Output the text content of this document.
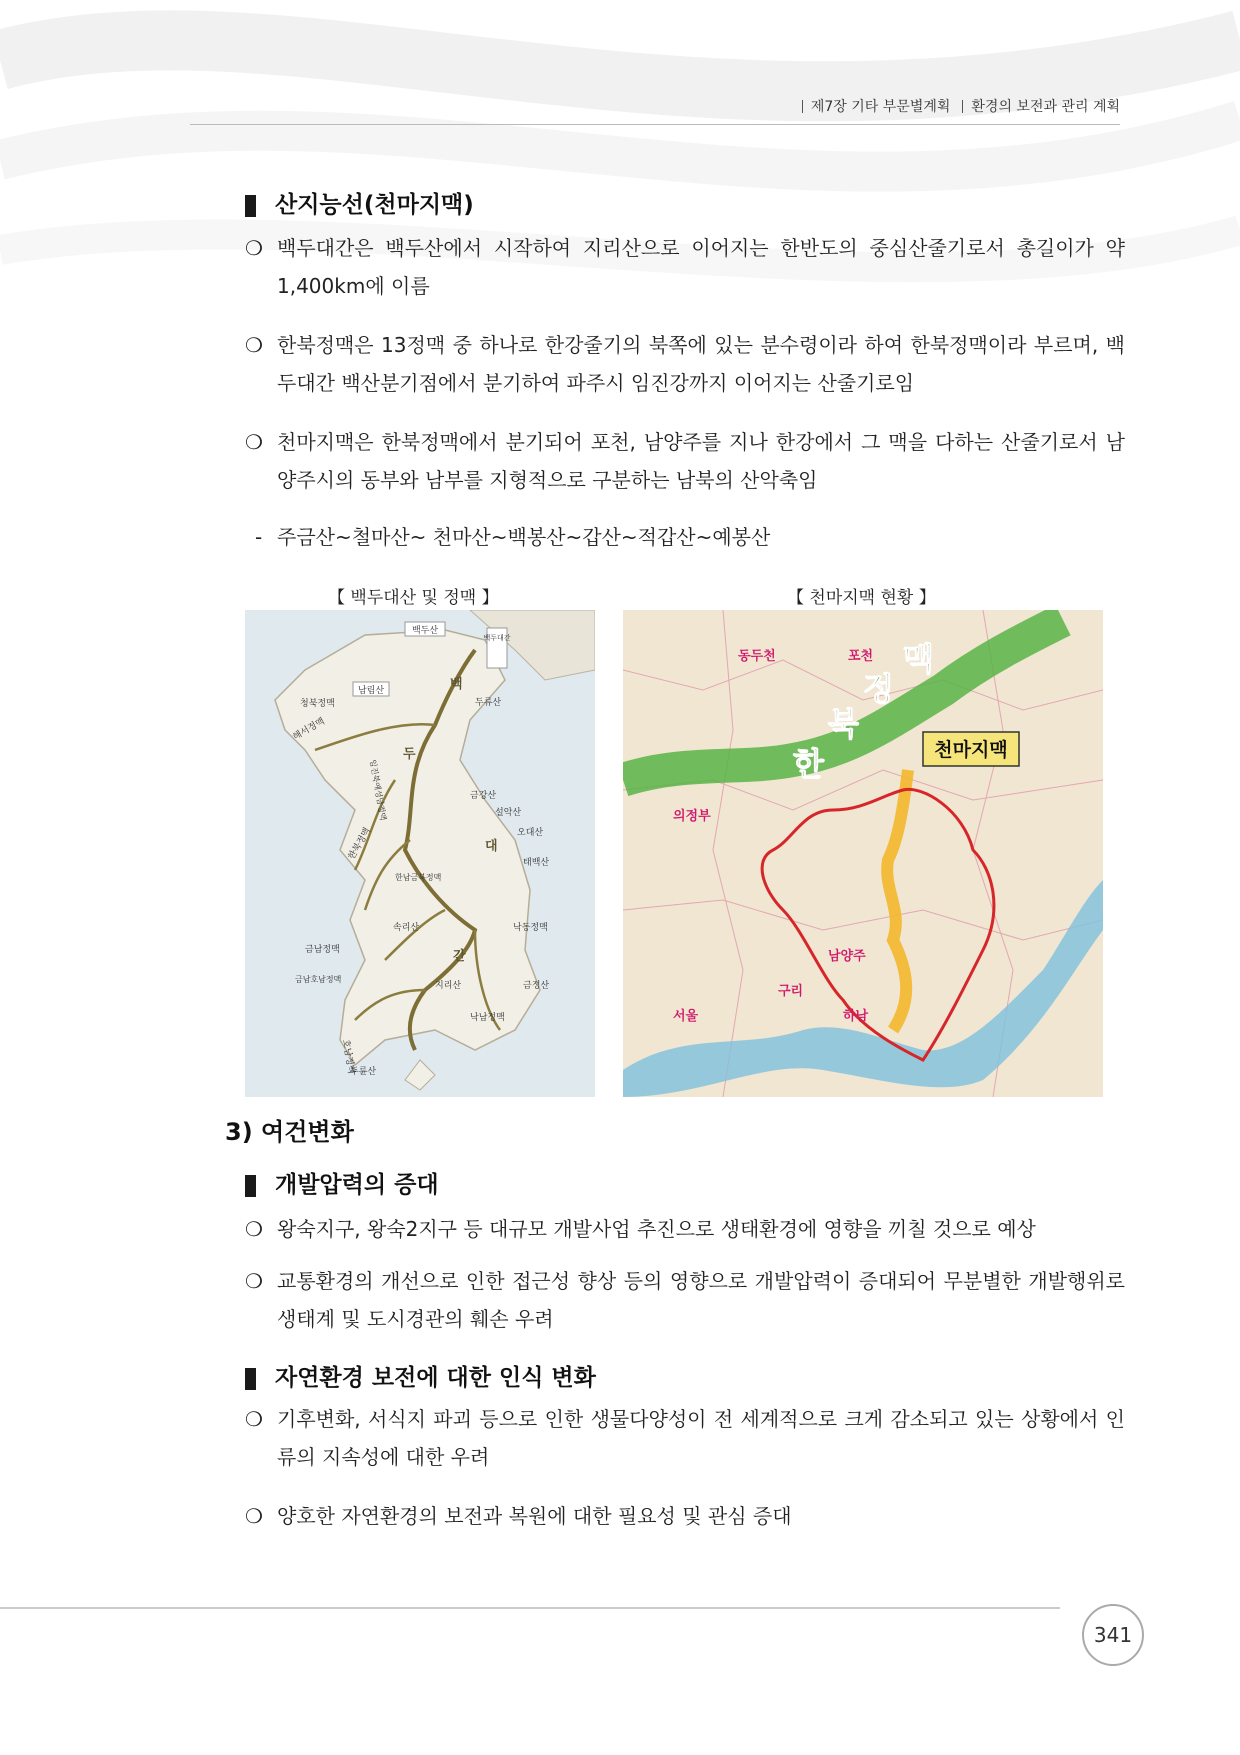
제7장 기타 부문별계획 환경의 보전과 관리 계획
산지능선(천마지맥)
❍ 백두대간은 백두산에서 시작하여 지리산으로 이어지는 한반도의 중심산줄기로서 총길이가 약 1,400km에 이름
❍ 한북정맥은 13정맥 중 하나로 한강줄기의 북쪽에 있는 분수령이라 하여 한북정맥이라 부르며, 백두대간 백산분기점에서 분기하여 파주시 임진강까지 이어지는 산줄기로임
❍ 천마지맥은 한북정맥에서 분기되어 포천, 남양주를 지나 한강에서 그 맥을 다하는 산줄기로서 남양주시의 동부와 남부를 지형적으로 구분하는 남북의 산악축임
- 주금산~철마산~ 천마산~백봉산~갑산~적갑산~예봉산
【 백두대산 및 정맥 】	【 천마지맥 현황 】
백두산
백두대간
남림산
청북정맥	두류산
해서정맥
임진북예성남정맥	금강산
설악산
오대산
태백산
한북정맥
한남금북정맥
속리산	낙동정맥
금남정맥
금남호남정맥
지리산	금정산
낙남정맥
호남정맥
두륜산
백
두
대
간
한
북
정
맥
천마지맥
동두천	포천
의정부
남양주
구리
서울	하남
3) 여건변화
개발압력의 증대
❍ 왕숙지구, 왕숙2지구 등 대규모 개발사업 추진으로 생태환경에 영향을 끼칠 것으로 예상
❍ 교통환경의 개선으로 인한 접근성 향상 등의 영향으로 개발압력이 증대되어 무분별한 개발행위로 생태계 및 도시경관의 훼손 우려
자연환경 보전에 대한 인식 변화
❍ 기후변화, 서식지 파괴 등으로 인한 생물다양성이 전 세계적으로 크게 감소되고 있는 상황에서 인류의 지속성에 대한 우려
❍ 양호한 자연환경의 보전과 복원에 대한 필요성 및 관심 증대
341
